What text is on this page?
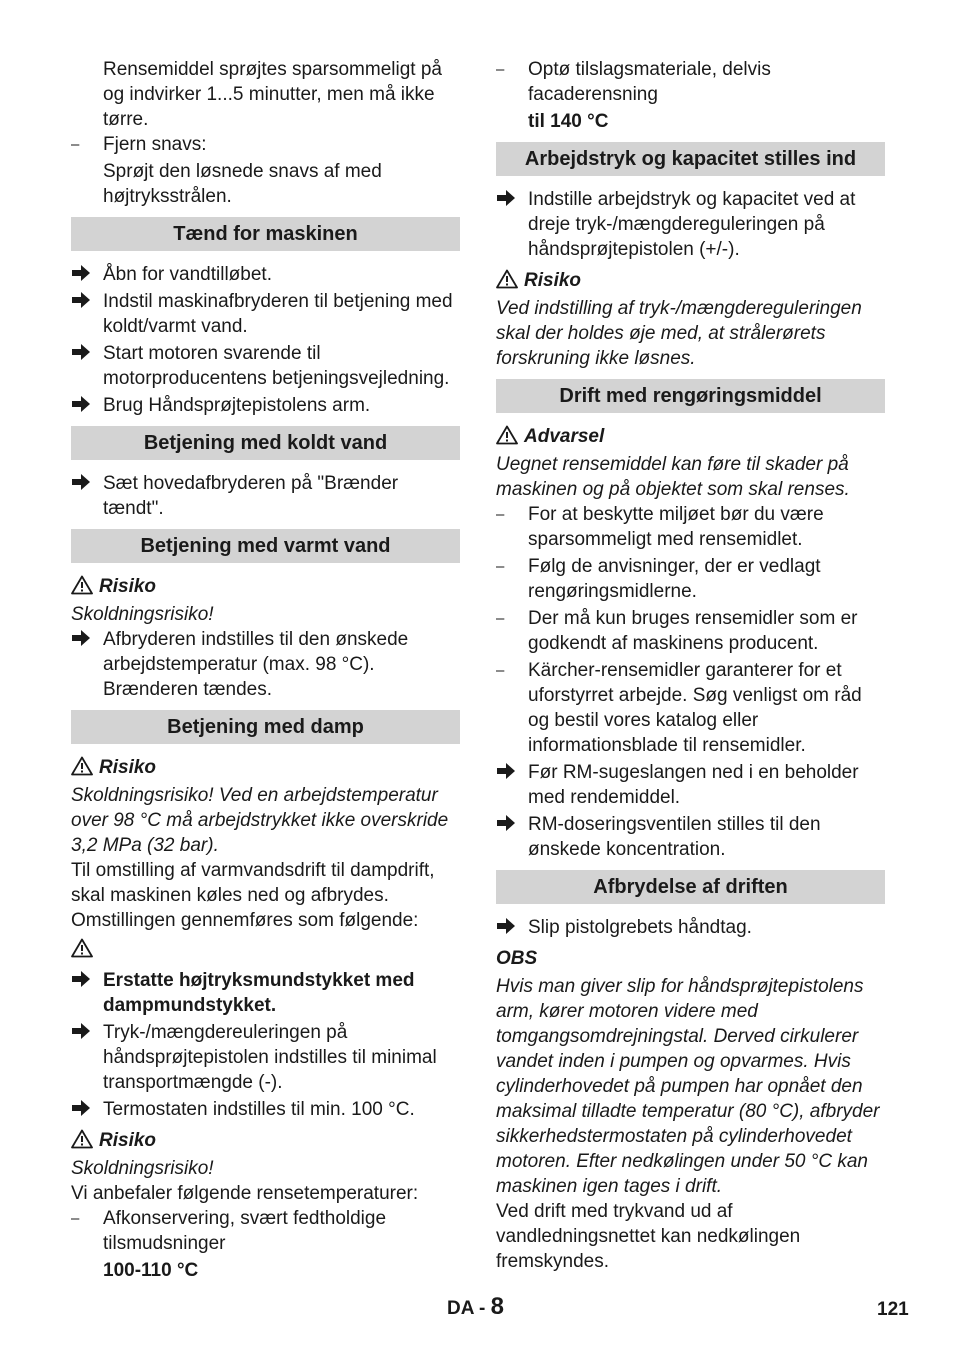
Rensemiddel sprøjtes sparsommeligt på og indvirker 1...5 minutter, men må ikke tørre.

–	Fjern snavs:

Sprøjt den løsnede snavs af med højtryksstrålen.

Tænd for maskinen
Åbn for vandtilløbet.
Indstil maskinafbryderen til betjening med koldt/varmt vand.
Start motoren svarende til motorproducentens betjeningsvejledning.
Brug Håndsprøjtepistolens arm.
Betjening med koldt vand
Sæt hovedafbryderen på "Brænder tændt".
Betjening med varmt vand
Risiko

Skoldningsrisiko!

Afbryderen indstilles til den ønskede arbejdstemperatur (max. 98 °C). Brænderen tændes.
Betjening med damp
Risiko

Skoldningsrisiko! Ved en arbejdstemperatur over 98 °C må arbejdstrykket ikke overskride 3,2 MPa (32 bar).

Til omstilling af varmvandsdrift til dampdrift, skal maskinen køles ned og afbrydes. Omstillingen gennemføres som følgende:

Erstatte højtryksmundstykket med dampmundstykket.
Tryk-/mængdereuleringen på håndsprøjtepistolen indstilles til minimal transportmængde (-).
Termostaten indstilles til min. 100 °C.
Risiko

Skoldningsrisiko!

Vi anbefaler følgende rensetemperaturer:

–	Afkonservering, svært fedtholdige tilsmudsninger

100-110 °C

–	Optø tilslagsmateriale, delvis facaderensning

til 140 °C

Arbejdstryk og kapacitet stilles ind
Indstille arbejdstryk og kapacitet ved at dreje tryk-/mængdereguleringen på håndsprøjtepistolen (+/-).
Risiko

Ved indstilling af tryk-/mængdereguleringen skal der holdes øje med, at strålerørets forskruning ikke løsnes.

Drift med rengøringsmiddel
Advarsel

Uegnet rensemiddel kan føre til skader på maskinen og på objektet som skal renses.

–	For at beskytte miljøet bør du være sparsommeligt med rensemidlet.
–	Følg de anvisninger, der er vedlagt rengøringsmidlerne.
–	Der må kun bruges rensemidler som er godkendt af maskinens producent.
–	Kärcher-rensemidler garanterer for et uforstyrret arbejde. Søg venligst om råd og bestil vores katalog eller informationsblade til rensemidler.
Før RM-sugeslangen ned i en beholder med rendemiddel.
RM-doseringsventilen stilles til den ønskede koncentration.
Afbrydelse af driften
Slip pistolgrebets håndtag.
OBS

Hvis man giver slip for håndsprøjtepistolens arm, kører motoren videre med tomgangsomdrejningstal. Derved cirkulerer vandet inden i pumpen og opvarmes. Hvis cylinderhovedet på pumpen har opnået den maksimal tilladte temperatur (80 °C), afbryder sikkerhedstermostaten på cylinderhovedet motoren. Efter nedkølingen under 50 °C kan maskinen igen tages i drift.

Ved drift med trykvand ud af vandledningsnettet kan nedkølingen fremskyndes.

DA - 8	121
